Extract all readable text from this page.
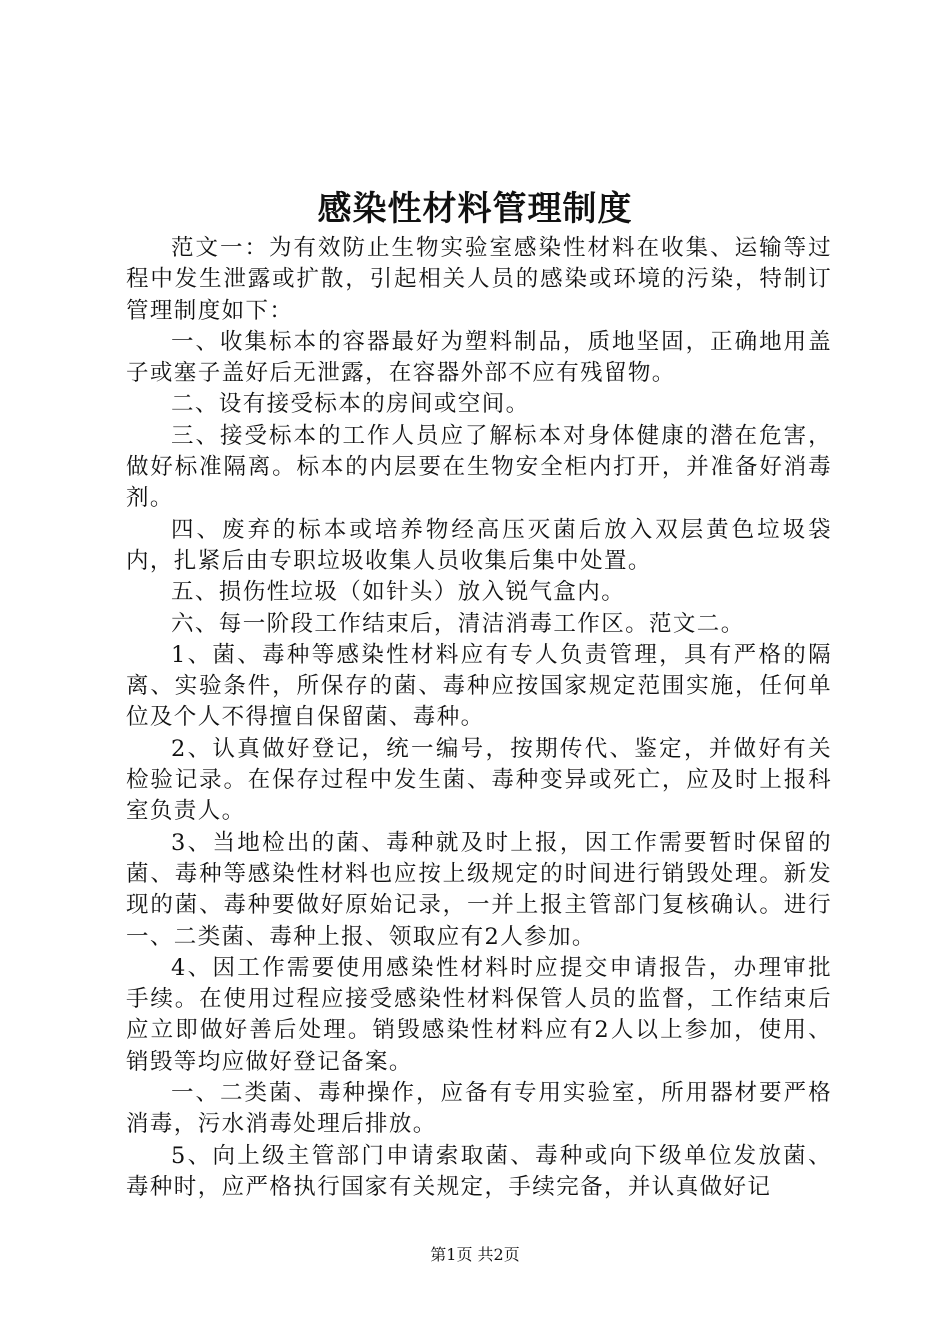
感染性材料管理制度

范文一：为有效防止生物实验室感染性材料在收集、运输等过程中发生泄露或扩散，引起相关人员的感染或环境的污染，特制订管理制度如下：

一、收集标本的容器最好为塑料制品，质地坚固，正确地用盖子或塞子盖好后无泄露，在容器外部不应有残留物。

二、设有接受标本的房间或空间。

三、接受标本的工作人员应了解标本对身体健康的潜在危害，做好标准隔离。标本的内层要在生物安全柜内打开，并准备好消毒剂。

四、废弃的标本或培养物经高压灭菌后放入双层黄色垃圾袋内，扎紧后由专职垃圾收集人员收集后集中处置。

五、损伤性垃圾（如针头）放入锐气盒内。

六、每一阶段工作结束后，清洁消毒工作区。范文二。

1、菌、毒种等感染性材料应有专人负责管理，具有严格的隔离、实验条件，所保存的菌、毒种应按国家规定范围实施，任何单位及个人不得擅自保留菌、毒种。

2、认真做好登记，统一编号，按期传代、鉴定，并做好有关检验记录。在保存过程中发生菌、毒种变异或死亡，应及时上报科室负责人。

3、当地检出的菌、毒种就及时上报，因工作需要暂时保留的菌、毒种等感染性材料也应按上级规定的时间进行销毁处理。新发现的菌、毒种要做好原始记录，一并上报主管部门复核确认。进行一、二类菌、毒种上报、领取应有2人参加。

4、因工作需要使用感染性材料时应提交申请报告，办理审批手续。在使用过程应接受感染性材料保管人员的监督，工作结束后应立即做好善后处理。销毁感染性材料应有2人以上参加，使用、销毁等均应做好登记备案。

一、二类菌、毒种操作，应备有专用实验室，所用器材要严格消毒，污水消毒处理后排放。

5、向上级主管部门申请索取菌、毒种或向下级单位发放菌、毒种时，应严格执行国家有关规定，手续完备，并认真做好记

第1页 共2页
